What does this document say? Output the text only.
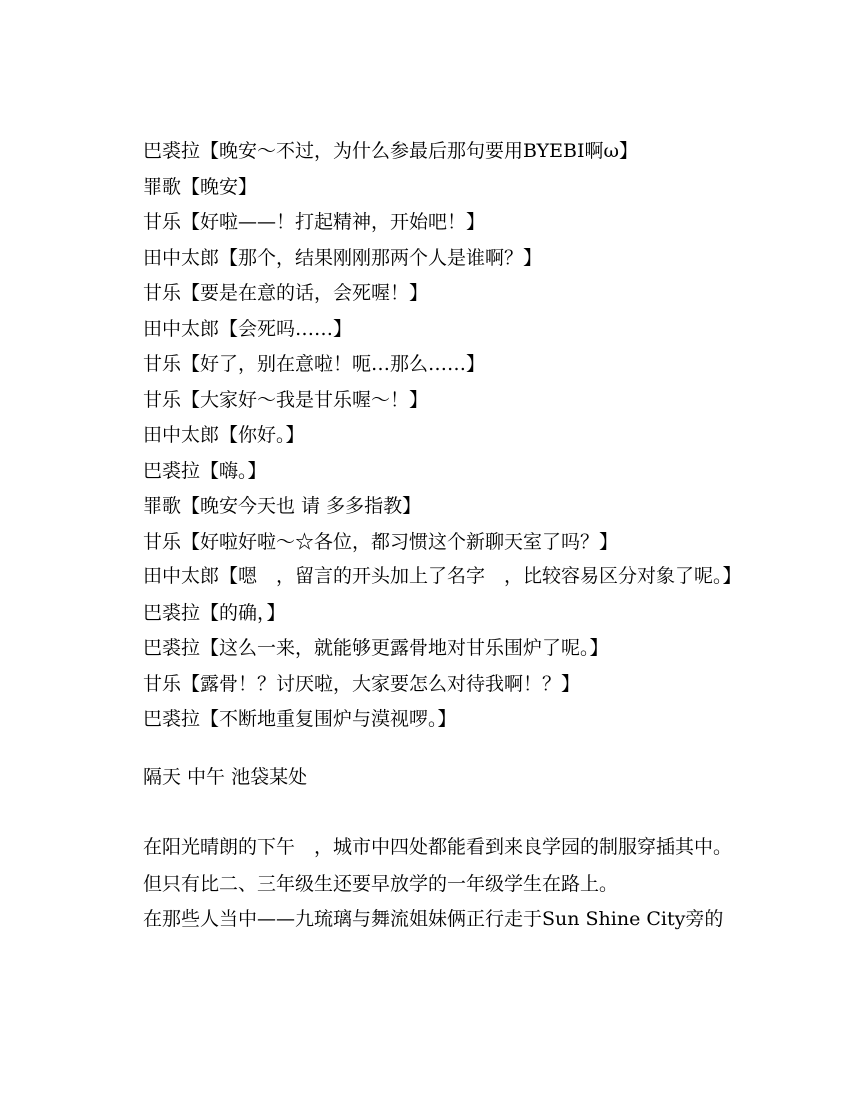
巴裘拉【晚安～不过，为什么参最后那句要用BYEBI啊ω】
罪歌【晚安】
甘乐【好啦——！打起精神，开始吧！】
田中太郎【那个，结果刚刚那两个人是谁啊？】
甘乐【要是在意的话，会死喔！】
田中太郎【会死吗……】
甘乐【好了，别在意啦！呃…那么……】
甘乐【大家好～我是甘乐喔～！】
田中太郎【你好。】
巴裘拉【嗨。】
罪歌【晚安今天也 请 多多指教】
甘乐【好啦好啦～☆各位，都习惯这个新聊天室了吗？】
田中太郎【嗯　，留言的开头加上了名字　，比较容易区分对象了呢。】
巴裘拉【的确，】
巴裘拉【这么一来，就能够更露骨地对甘乐围炉了呢。】
甘乐【露骨！？讨厌啦，大家要怎么对待我啊！？】
巴裘拉【不断地重复围炉与漠视啰。】
隔天 中午 池袋某处
在阳光晴朗的下午　，城市中四处都能看到来良学园的制服穿插其中。
但只有比二、三年级生还要早放学的一年级学生在路上。
在那些人当中——九琉璃与舞流姐妹俩正行走于Sun Shine City旁的
